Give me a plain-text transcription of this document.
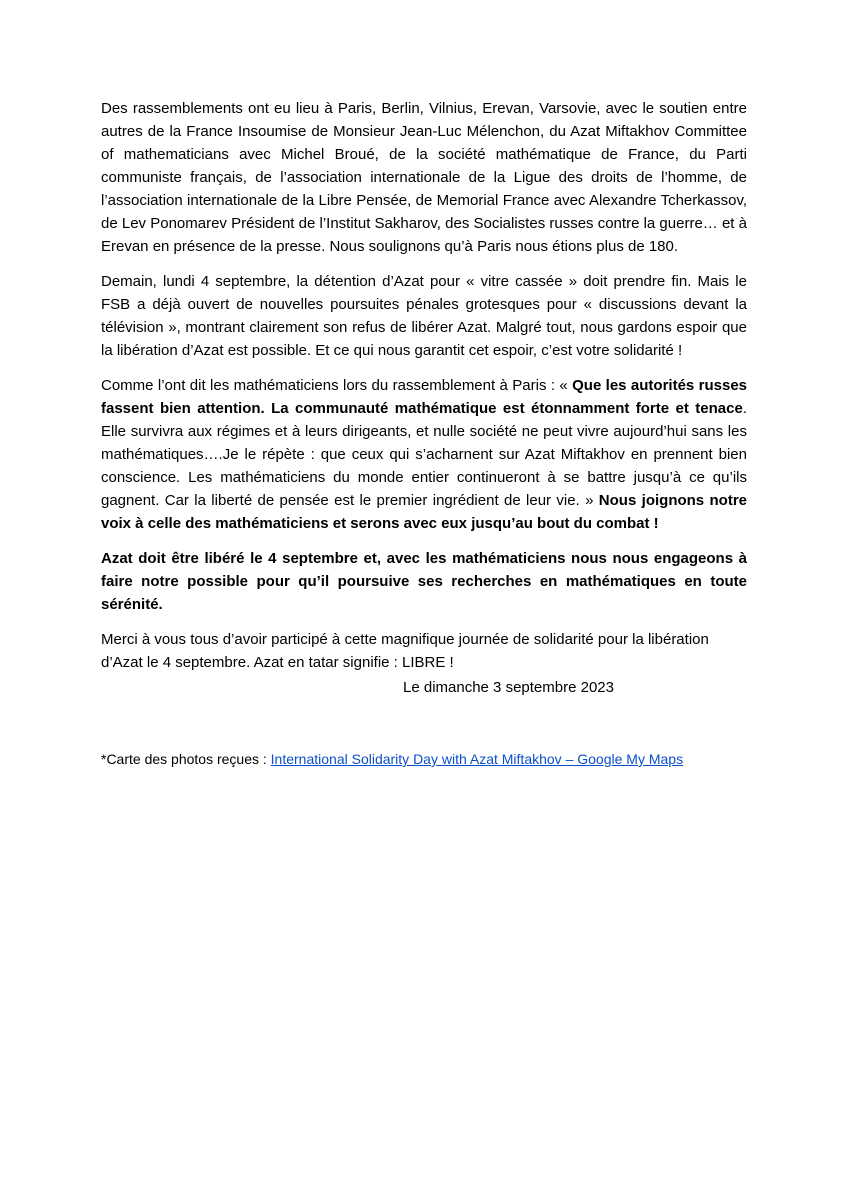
Des rassemblements ont eu lieu à Paris, Berlin, Vilnius, Erevan, Varsovie, avec le soutien entre autres de la France Insoumise de Monsieur Jean-Luc Mélenchon, du Azat Miftakhov Committee of mathematicians avec Michel Broué, de la société mathématique de France, du Parti communiste français, de l’association internationale de la Ligue des droits de l’homme, de l’association internationale de la Libre Pensée, de Memorial France avec Alexandre Tcherkassov, de Lev Ponomarev Président de l’Institut Sakharov, des Socialistes russes contre la guerre… et à Erevan en présence de la presse. Nous soulignons qu’à Paris nous étions plus de 180.

Demain, lundi 4 septembre, la détention d’Azat pour « vitre cassée » doit prendre fin. Mais le FSB a déjà ouvert de nouvelles poursuites pénales grotesques pour « discussions devant la télévision », montrant clairement son refus de libérer Azat. Malgré tout, nous gardons espoir que la libération d’Azat est possible. Et ce qui nous garantit cet espoir, c’est votre solidarité !

Comme l’ont dit les mathématiciens lors du rassemblement à Paris : « Que les autorités russes fassent bien attention. La communauté mathématique est étonnamment forte et tenace. Elle survivra aux régimes et à leurs dirigeants, et nulle société ne peut vivre aujourd’hui sans les mathématiques….Je le répète : que ceux qui s’acharnent sur Azat Miftakhov en prennent bien conscience. Les mathématiciens du monde entier continueront à se battre jusqu’à ce qu’ils gagnent. Car la liberté de pensée est le premier ingrédient de leur vie. » Nous joignons notre voix à celle des mathématiciens et serons avec eux jusqu’au bout du combat !

Azat doit être libéré le 4 septembre et, avec les mathématiciens nous nous engageons à faire notre possible pour qu’il poursuive ses recherches en mathématiques en toute sérénité.

Merci à vous tous d’avoir participé à cette magnifique journée de solidarité pour la libération d’Azat le 4 septembre. Azat en tatar signifie : LIBRE !

Le dimanche 3 septembre 2023
*Carte des photos reçues : International Solidarity Day with Azat Miftakhov – Google My Maps
